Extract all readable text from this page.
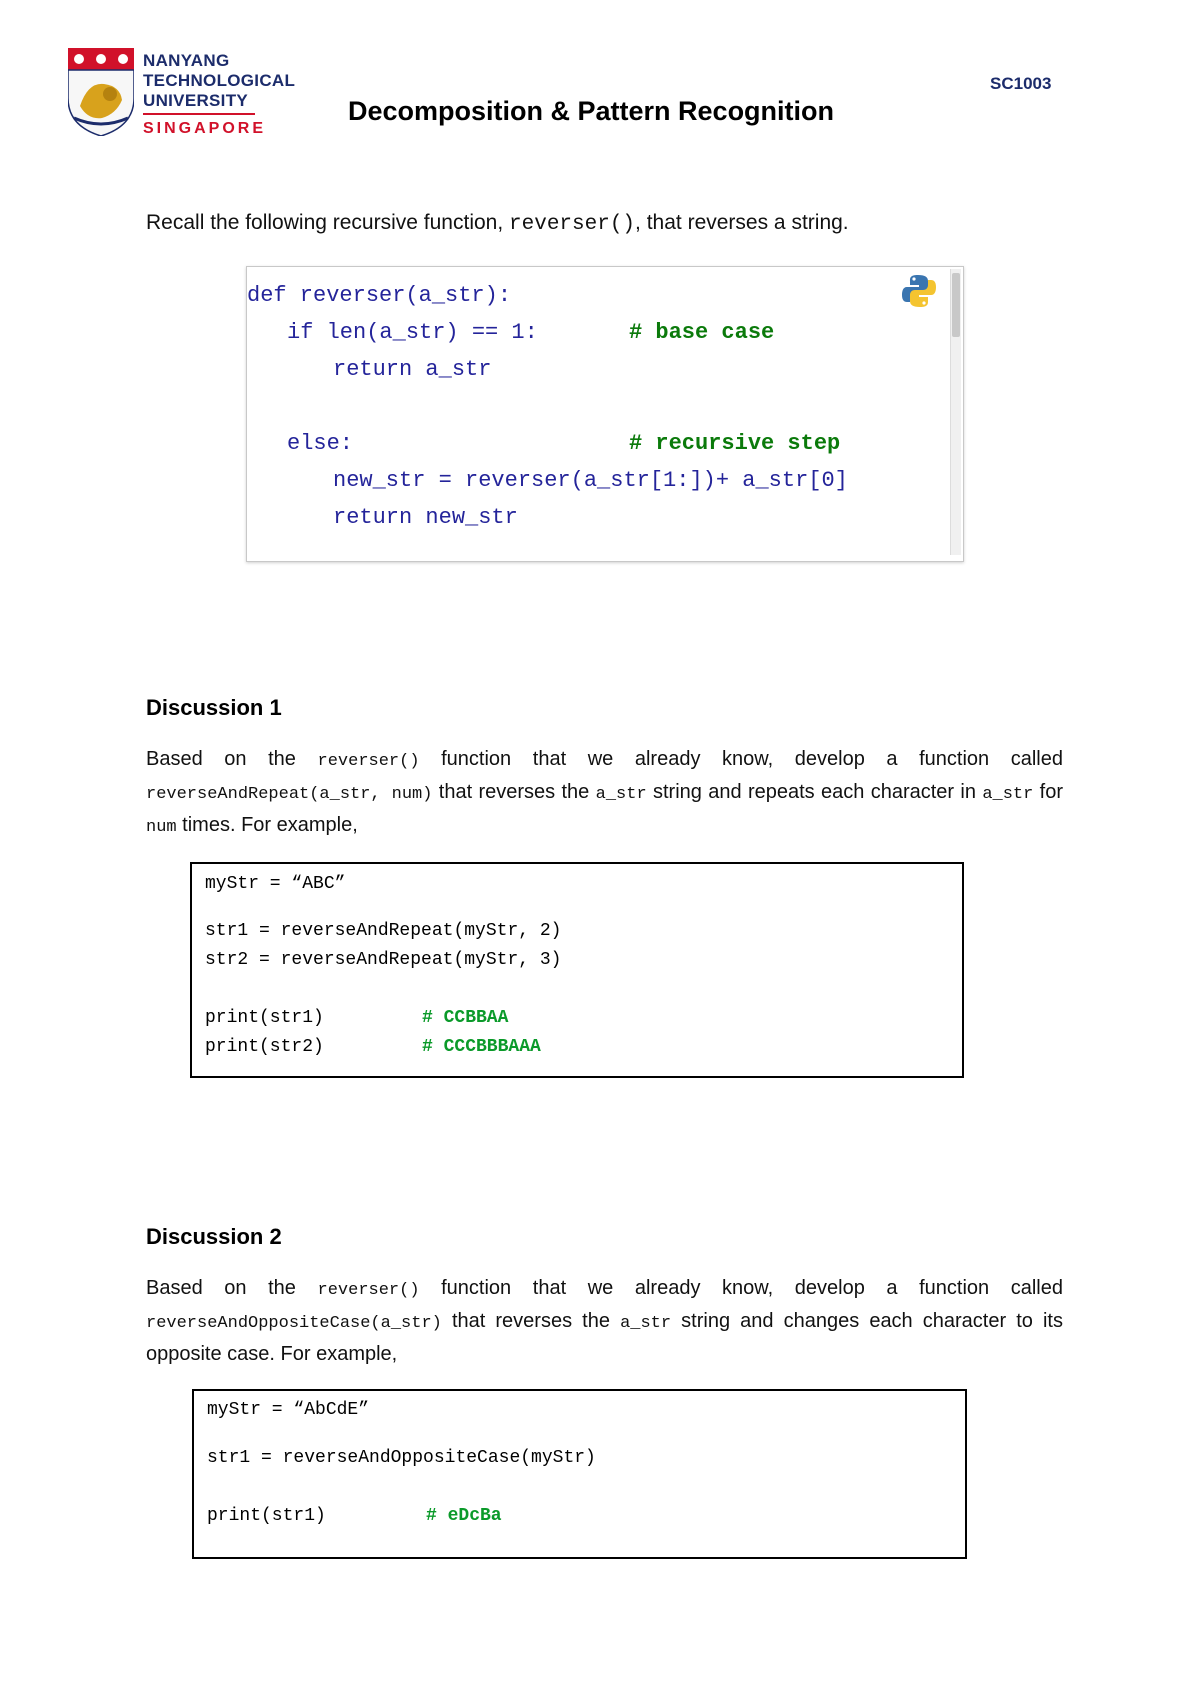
NANYANG
TECHNOLOGICAL
UNIVERSITY
SINGAPORE
Decomposition & Pattern Recognition
SC1003
Recall the following recursive function, reverser(), that reverses a string.
def reverser(a_str):
if len(a_str) == 1:	# base case
return a_str
else:	# recursive step
new_str = reverser(a_str[1:])+ a_str[0]
return new_str
Discussion 1
Based on the reverser() function that we already know, develop a function called reverseAndRepeat(a_str, num) that reverses the a_str string and repeats each character in a_str for num times. For example,
myStr = “ABC”
str1 = reverseAndRepeat(myStr, 2)
str2 = reverseAndRepeat(myStr, 3)
print(str1)	# CCBBAA
print(str2)	# CCCBBBAAA
Discussion 2
Based on the reverser() function that we already know, develop a function called reverseAndOppositeCase(a_str) that reverses the a_str string and changes each character to its opposite case. For example,
myStr = “AbCdE”
str1 = reverseAndOppositeCase(myStr)
print(str1)	# eDcBa
